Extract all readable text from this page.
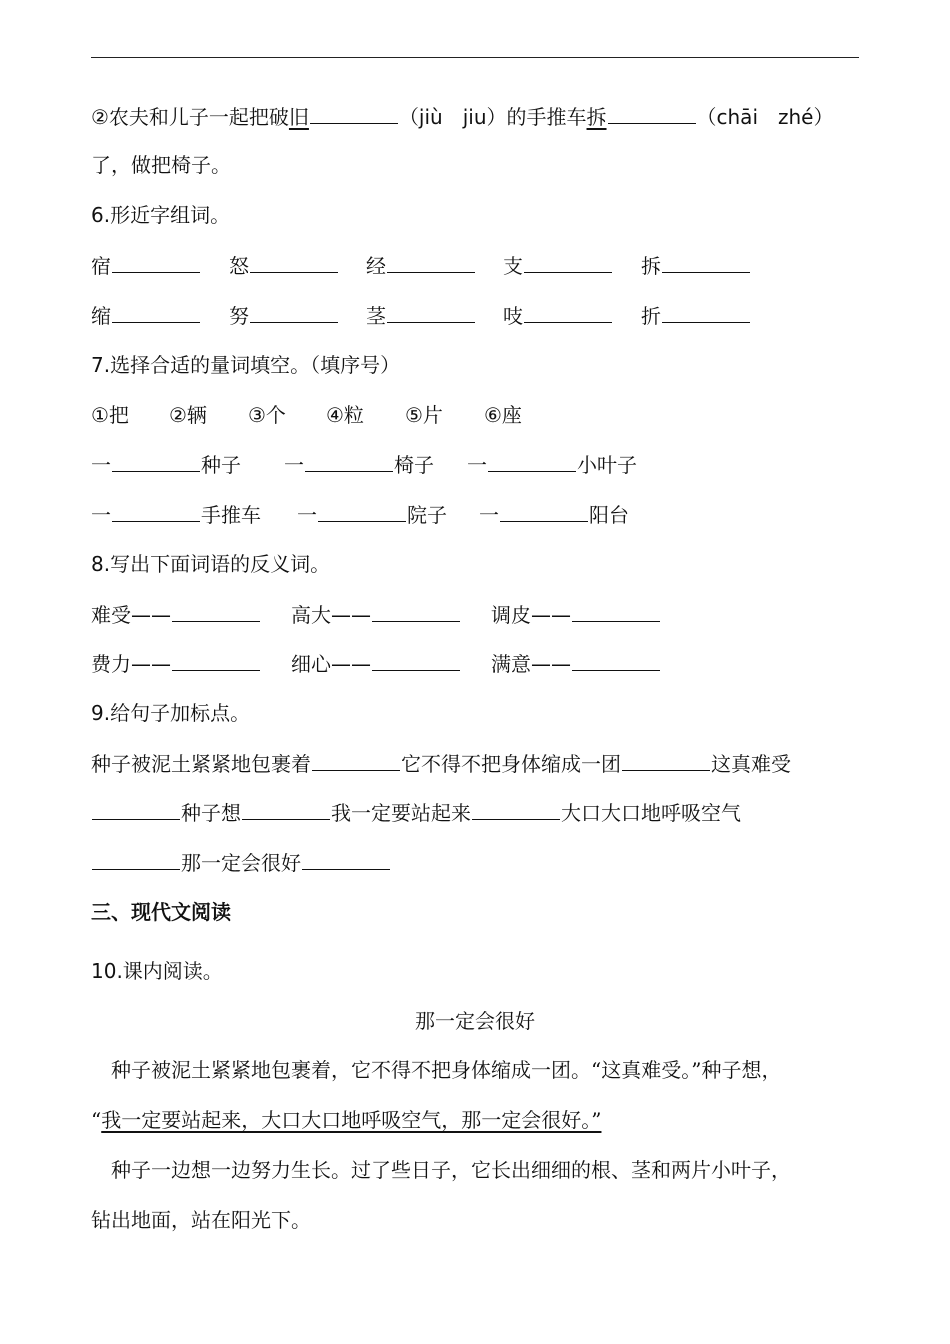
②农夫和儿子一起把破旧	（jiù　jiu）的手推车拆	（chāi　zhé）
了，做把椅子。
6.形近字组词。
宿	怒	经	支	拆
缩	努	茎	吱	折
7.选择合适的量词填空。（填序号）
①把 ②辆 ③个 ④粒 ⑤片 ⑥座
一	种子 一	椅子 一	小叶子
一	手推车 一	院子 一	阳台
8.写出下面词语的反义词。
难受——	高大——	调皮——
费力——	细心——	满意——
9.给句子加标点。
种子被泥土紧紧地包裹着	它不得不把身体缩成一团	这真难受
种子想	我一定要站起来	大口大口地呼吸空气
那一定会很好
三、现代文阅读
10.课内阅读。
那一定会很好
　种子被泥土紧紧地包裹着，它不得不把身体缩成一团。“这真难受。”种子想，
“我一定要站起来，大口大口地呼吸空气，那一定会很好。”
　种子一边想一边努力生长。过了些日子，它长出细细的根、茎和两片小叶子，
钻出地面，站在阳光下。
